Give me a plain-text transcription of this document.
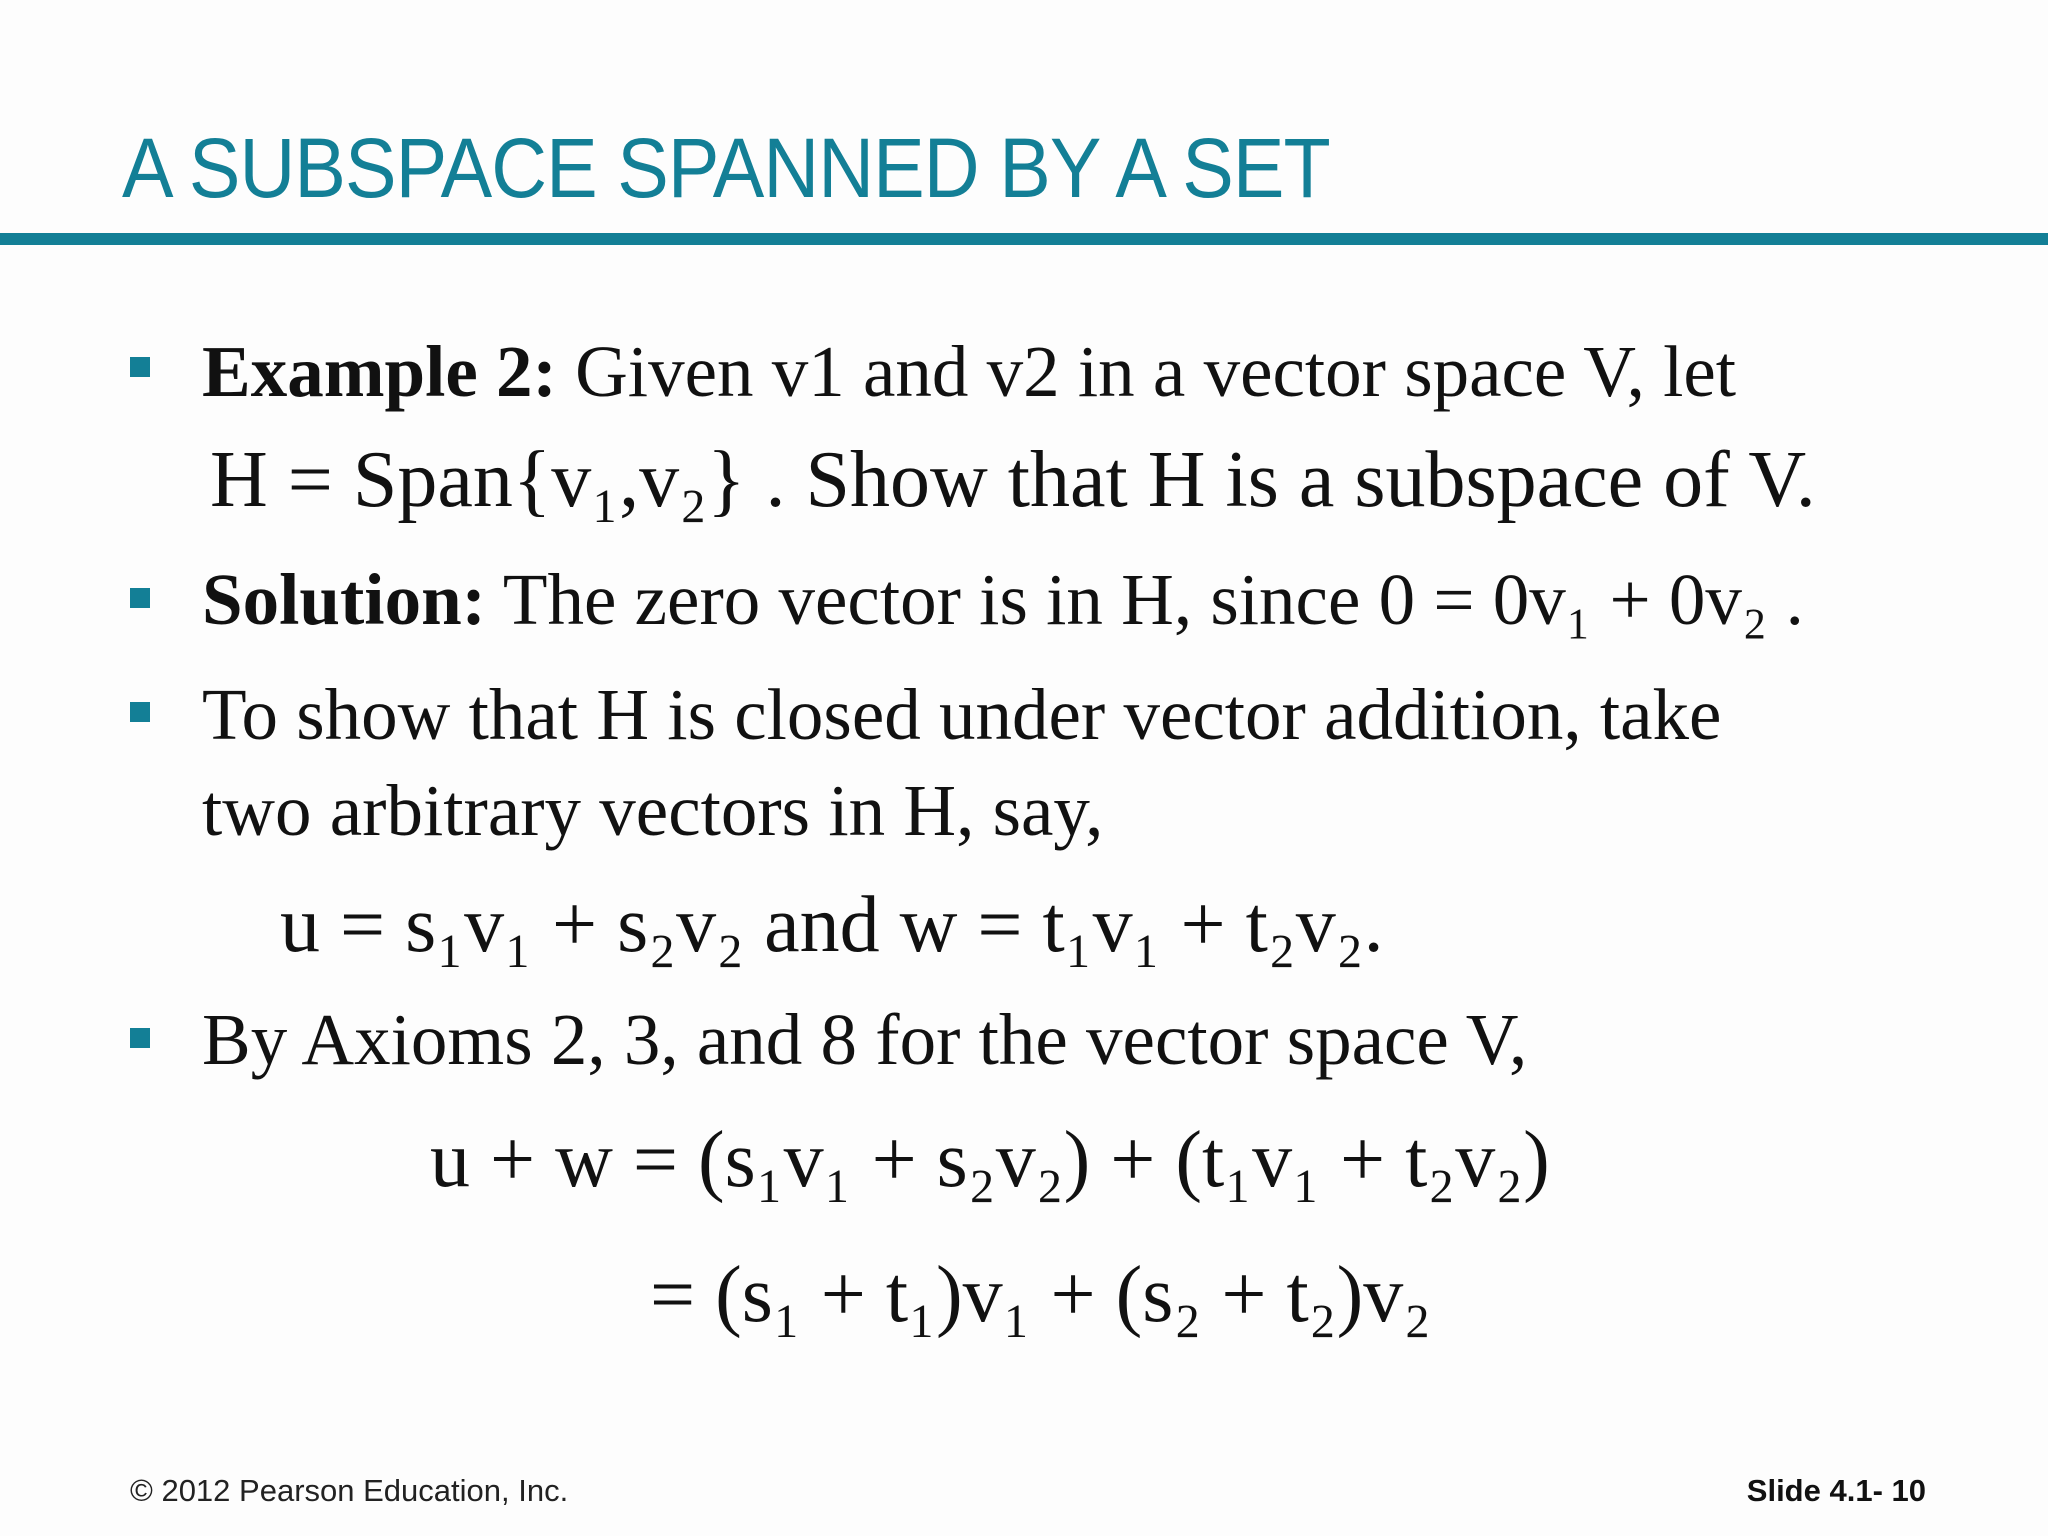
A SUBSPACE SPANNED BY A SET
Example 2: Given v1 and v2 in a vector space V, let
H = Span{v₁,v₂} . Show that H is a subspace of V.
Solution: The zero vector is in H, since 0 = 0v₁ + 0v₂ .
To show that H is closed under vector addition, take
two arbitrary vectors in H, say,
u = s₁v₁ + s₂v₂ and w = t₁v₁ + t₂v₂.
By Axioms 2, 3, and 8 for the vector space V,
u + w = (s₁v₁ + s₂v₂) + (t₁v₁ + t₂v₂)
= (s₁ + t₁)v₁ + (s₂ + t₂)v₂
© 2012 Pearson Education, Inc.	Slide 4.1- 10
